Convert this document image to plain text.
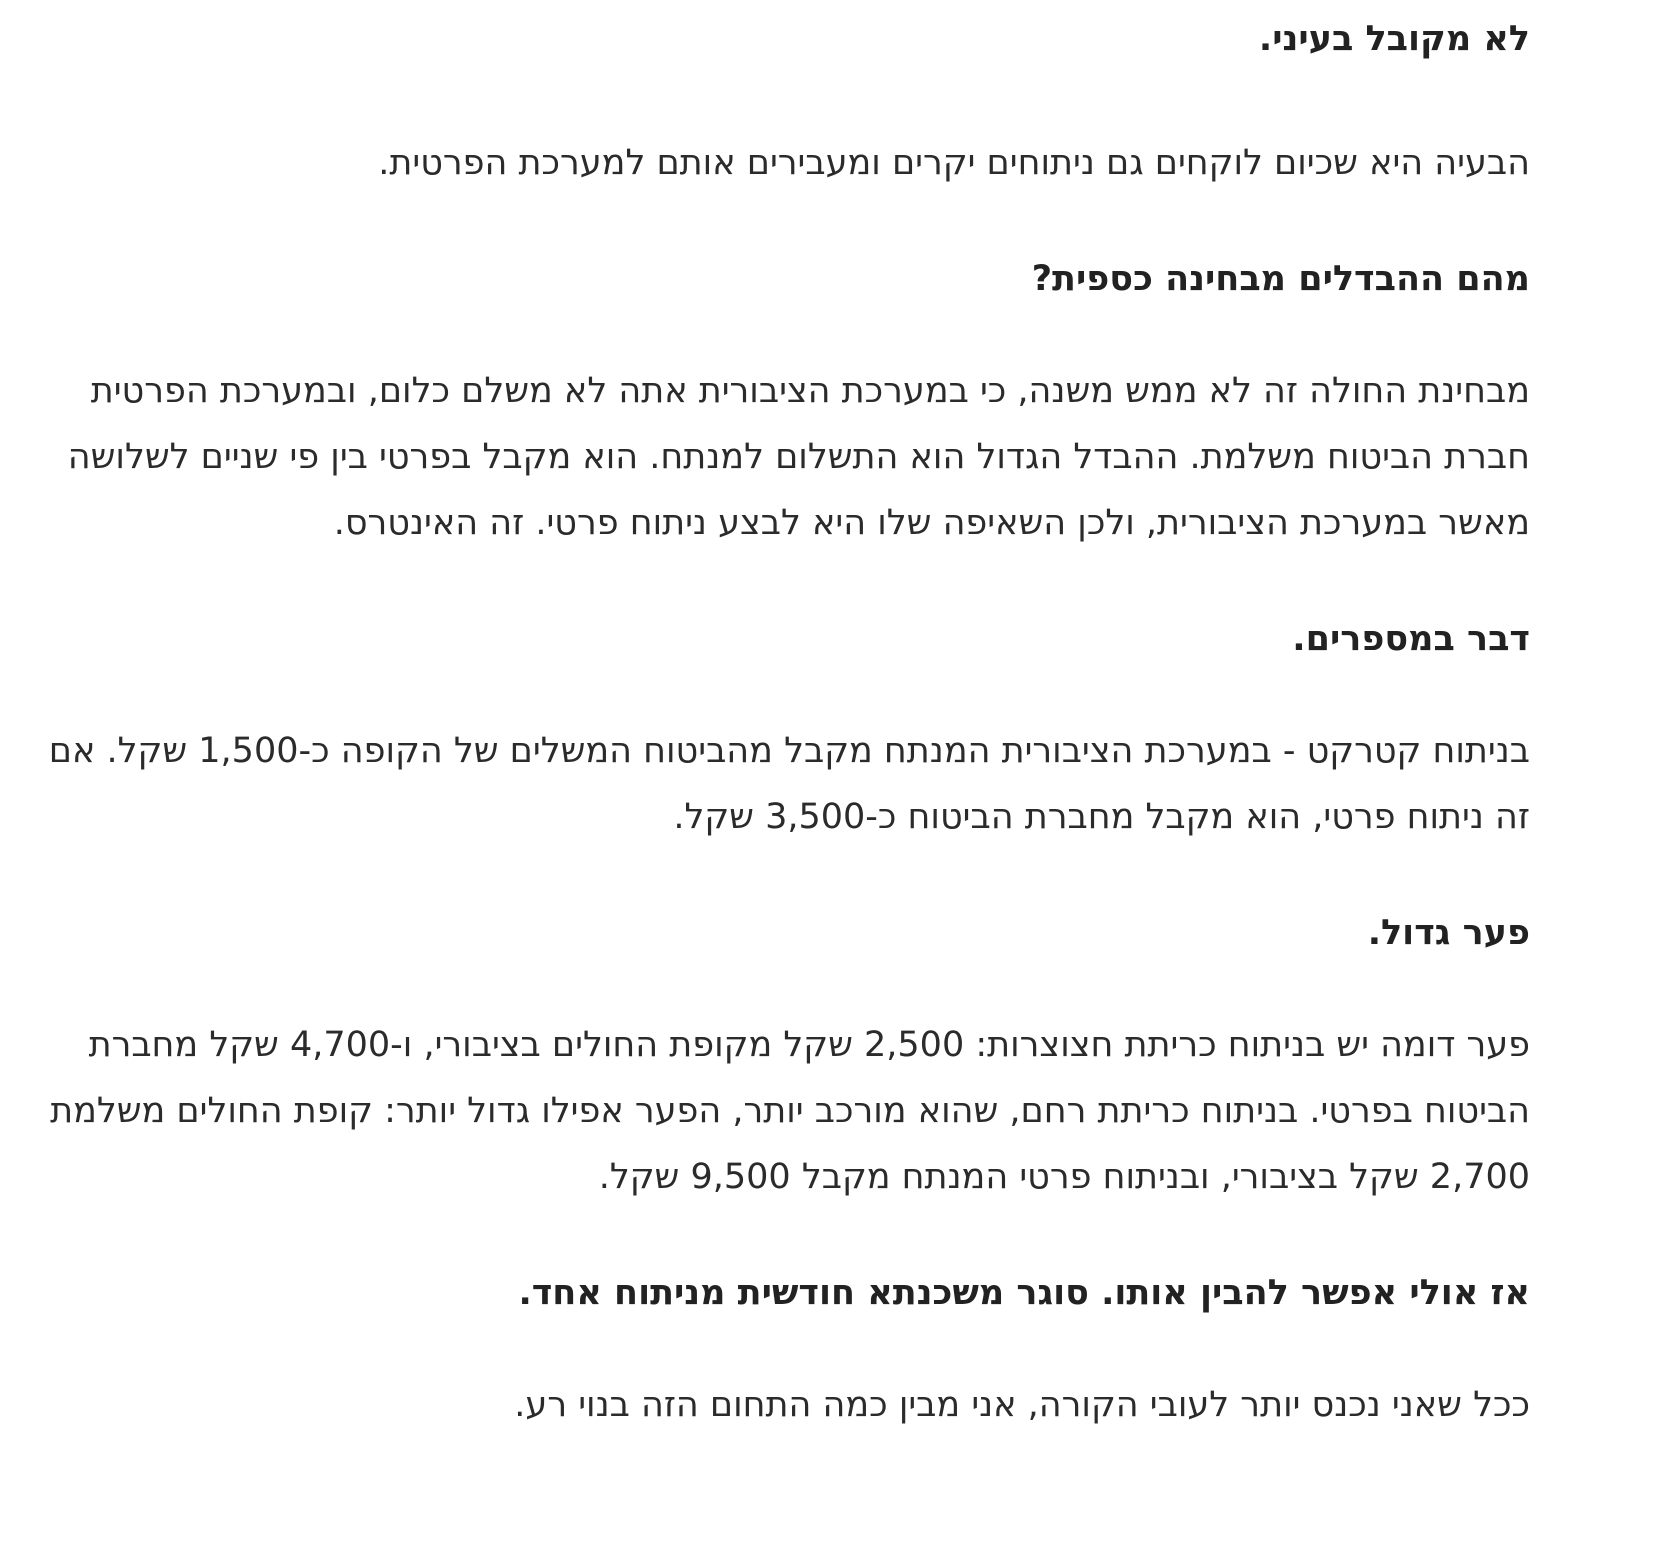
לא מקובל בעיני.

הבעיה היא שכיום לוקחים גם ניתוחים יקרים ומעבירים אותם למערכת הפרטית.

מהם ההבדלים מבחינה כספית?

מבחינת החולה זה לא ממש משנה, כי במערכת הציבורית אתה לא משלם כלום, ובמערכת הפרטית

חברת הביטוח משלמת. ההבדל הגדול הוא התשלום למנתח. הוא מקבל בפרטי בין פי שניים לשלושה

מאשר במערכת הציבורית, ולכן השאיפה שלו היא לבצע ניתוח פרטי. זה האינטרס.

דבר במספרים.

בניתוח קטרקט - במערכת הציבורית המנתח מקבל מהביטוח המשלים של הקופה כ-1,500 שקל. אם

זה ניתוח פרטי, הוא מקבל מחברת הביטוח כ-3,500 שקל.

פער גדול.

פער דומה יש בניתוח כריתת חצוצרות: 2,500 שקל מקופת החולים בציבורי, ו-4,700 שקל מחברת

הביטוח בפרטי. בניתוח כריתת רחם, שהוא מורכב יותר, הפער אפילו גדול יותר: קופת החולים משלמת

2,700 שקל בציבורי, ובניתוח פרטי המנתח מקבל 9,500 שקל.

אז אולי אפשר להבין אותו. סוגר משכנתא חודשית מניתוח אחד.

ככל שאני נכנס יותר לעובי הקורה, אני מבין כמה התחום הזה בנוי רע.
